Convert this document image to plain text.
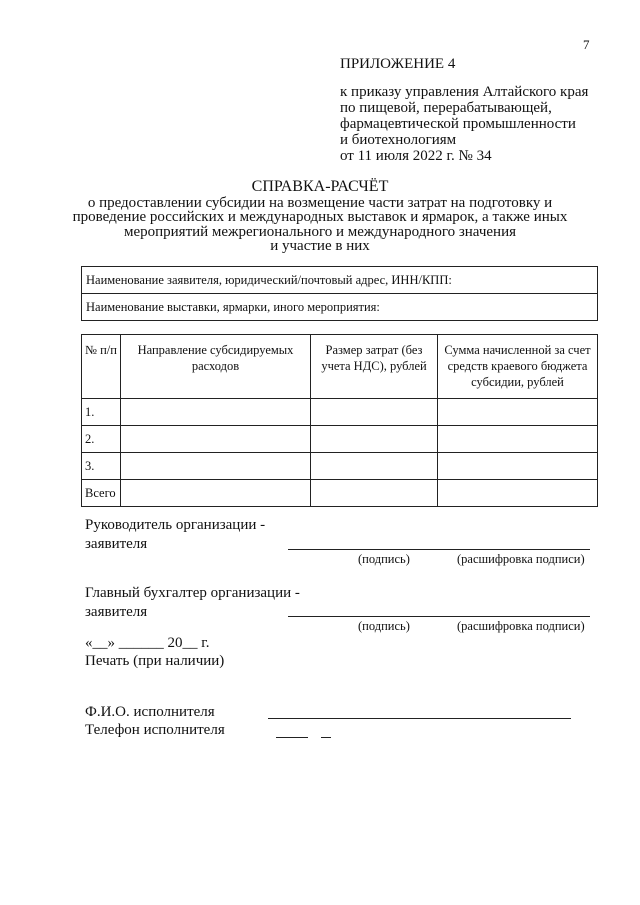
7
ПРИЛОЖЕНИЕ 4
к приказу управления Алтайского края
по пищевой, перерабатывающей,
фармацевтической промышленности
и биотехнологиям
от 11 июля 2022 г. № 34
СПРАВКА-РАСЧЁТ
о предоставлении субсидии на возмещение части затрат на подготовку и
проведение российских и международных выставок и ярмарок, а также иных
мероприятий межрегионального и международного значения
и участие в них
Наименование заявителя, юридический/почтовый адрес, ИНН/КПП:
Наименование выставки, ярмарки, иного мероприятия:
№ п/п	Направление субсидируемых расходов	Размер затрат (без учета НДС), рублей	Сумма начисленной за счет средств краевого бюджета субсидии, рублей
1.			
2.			
3.			
Всего			
Руководитель организации -
заявителя
(подпись)	(расшифровка подписи)
Главный бухгалтер организации -
заявителя
(подпись)	(расшифровка подписи)
«__» ______ 20__ г.
Печать (при наличии)
Ф.И.О. исполнителя
Телефон исполнителя
